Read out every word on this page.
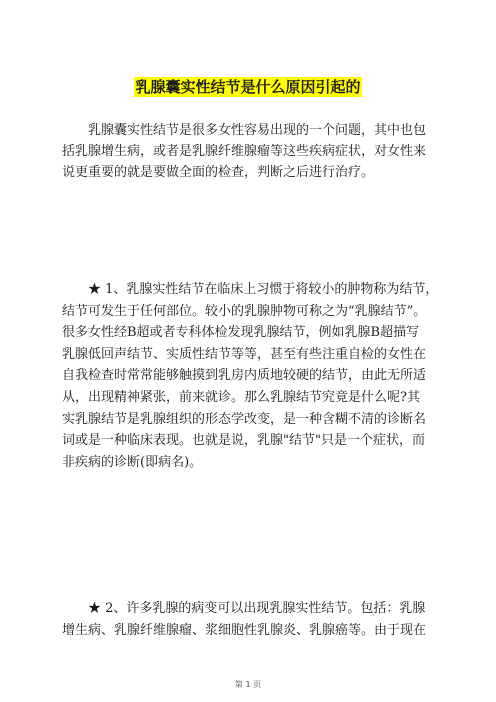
乳腺囊实性结节是什么原因引起的

　　乳腺囊实性结节是很多女性容易出现的一个问题，其中也包
括乳腺增生病，或者是乳腺纤维腺瘤等这些疾病症状，对女性来
说更重要的就是要做全面的检查，判断之后进行治疗。

　　★ 1、乳腺实性结节在临床上习惯于将较小的肿物称为结节，
结节可发生于任何部位。较小的乳腺肿物可称之为“乳腺结节”。
很多女性经B超或者专科体检发现乳腺结节，例如乳腺B超描写
乳腺低回声结节、实质性结节等等，甚至有些注重自检的女性在
自我检查时常常能够触摸到乳房内质地较硬的结节，由此无所适
从，出现精神紧张，前来就诊。那么乳腺结节究竟是什么呢?其
实乳腺结节是乳腺组织的形态学改变，是一种含糊不清的诊断名
词或是一种临床表现。也就是说，乳腺"结节"只是一个症状，而
非疾病的诊断(即病名)。

　　★ 2、许多乳腺的病变可以出现乳腺实性结节。包括：乳腺
增生病、乳腺纤维腺瘤、浆细胞性乳腺炎、乳腺癌等。由于现在

第 1 页
